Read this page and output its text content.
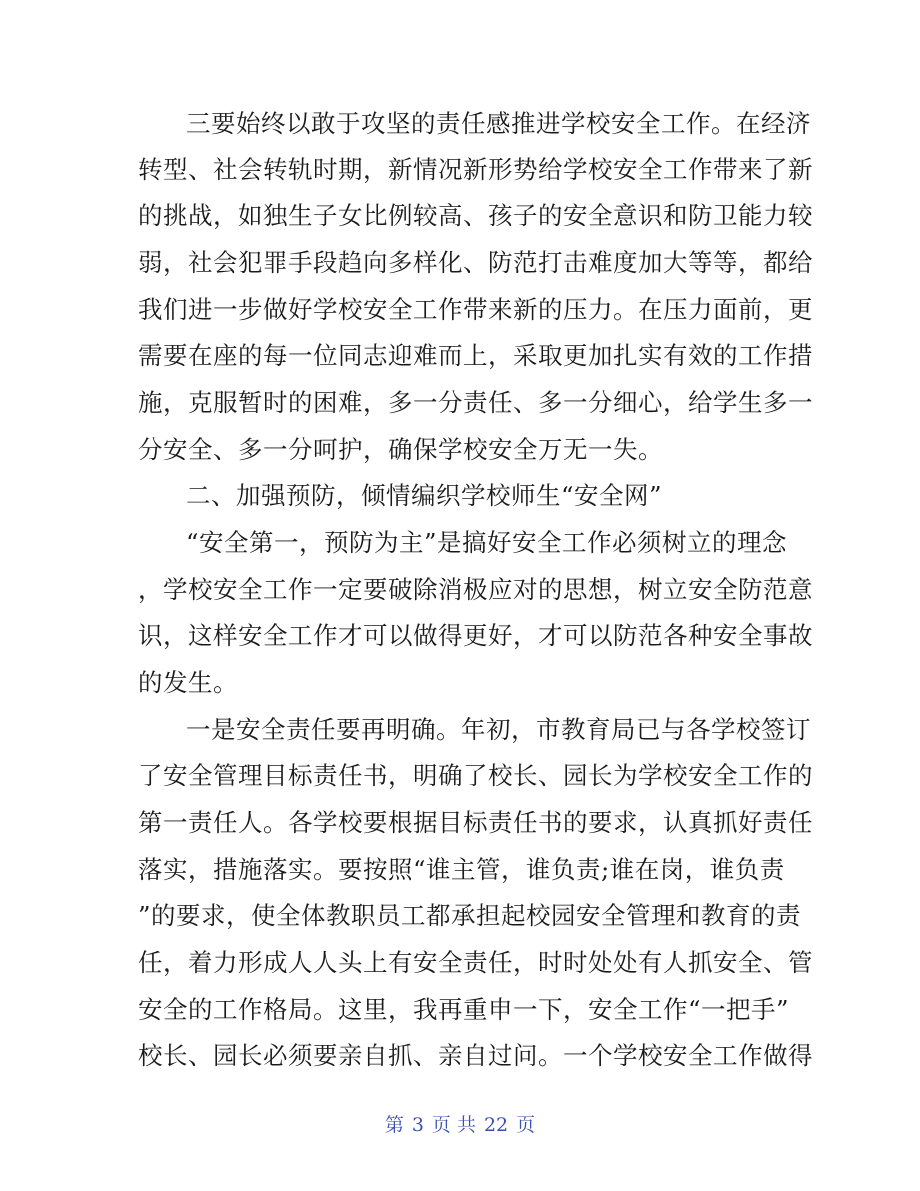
三要始终以敢于攻坚的责任感推进学校安全工作。在经济
转型、社会转轨时期，新情况新形势给学校安全工作带来了新
的挑战，如独生子女比例较高、孩子的安全意识和防卫能力较
弱，社会犯罪手段趋向多样化、防范打击难度加大等等，都给
我们进一步做好学校安全工作带来新的压力。在压力面前，更
需要在座的每一位同志迎难而上，采取更加扎实有效的工作措
施，克服暂时的困难，多一分责任、多一分细心，给学生多一
分安全、多一分呵护，确保学校安全万无一失。
二、加强预防，倾情编织学校师生“安全网”
“安全第一，预防为主”是搞好安全工作必须树立的理念
，学校安全工作一定要破除消极应对的思想，树立安全防范意
识，这样安全工作才可以做得更好，才可以防范各种安全事故
的发生。
一是安全责任要再明确。年初，市教育局已与各学校签订
了安全管理目标责任书，明确了校长、园长为学校安全工作的
第一责任人。各学校要根据目标责任书的要求，认真抓好责任
落实，措施落实。要按照“谁主管，谁负责;谁在岗，谁负责
”的要求，使全体教职员工都承担起校园安全管理和教育的责
任，着力形成人人头上有安全责任，时时处处有人抓安全、管
安全的工作格局。这里，我再重申一下，安全工作“一把手”
校长、园长必须要亲自抓、亲自过问。一个学校安全工作做得
第 3 页 共 22 页
